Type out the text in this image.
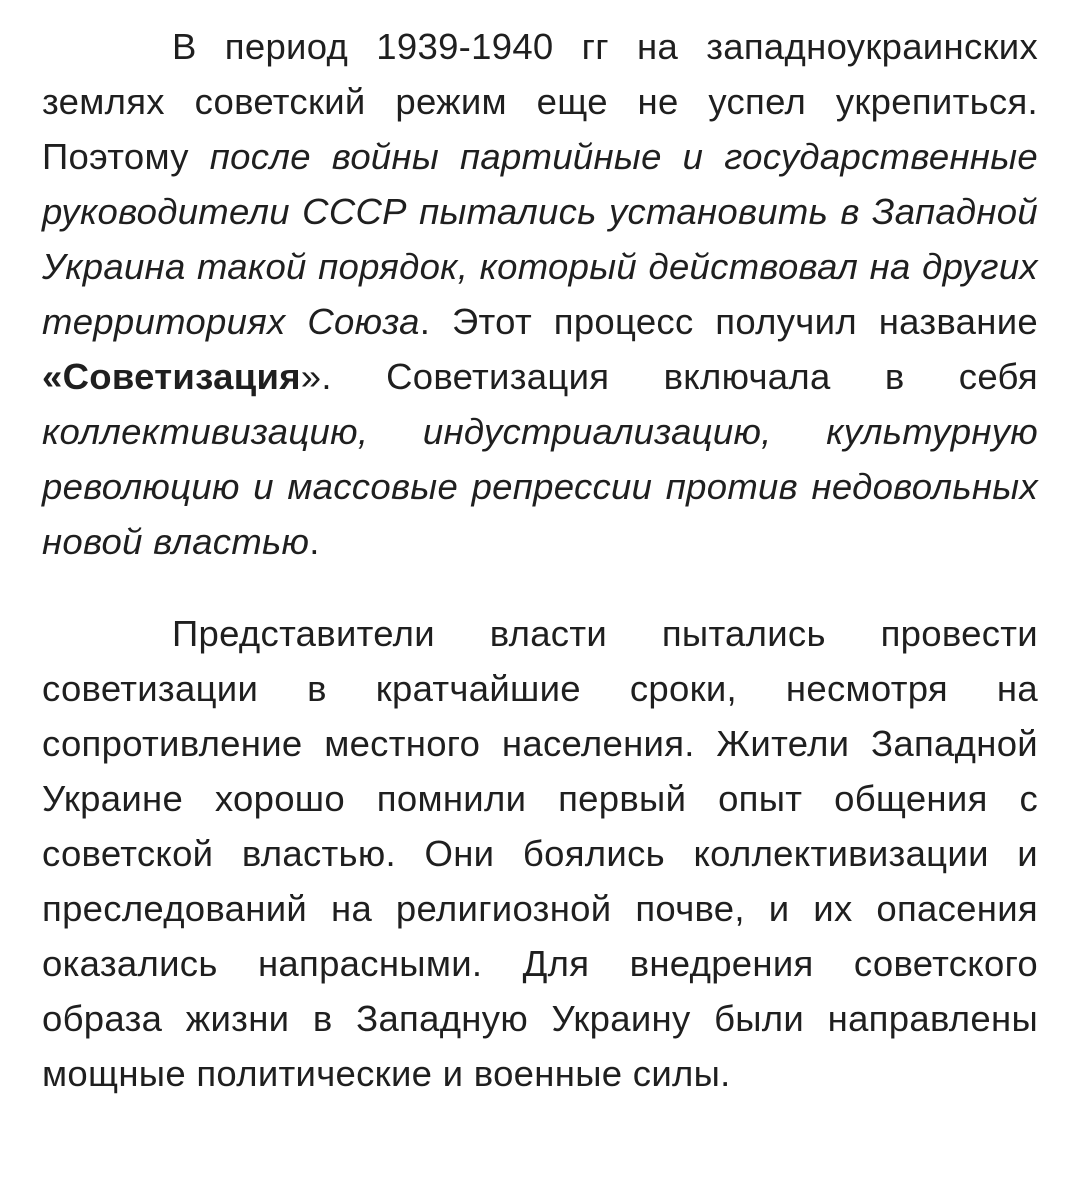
В период 1939-1940 гг на западноукраинских землях советский режим еще не успел укрепиться. Поэтому после войны партийные и государственные руководители СССР пытались установить в Западной Украина такой порядок, который действовал на других территориях Союза. Этот процесс получил название «Советизация». Советизация включала в себя коллективизацию, индустриализацию, культурную революцию и массовые репрессии против недовольных новой властью.

Представители власти пытались провести советизации в кратчайшие сроки, несмотря на сопротивление местного населения. Жители Западной Украине хорошо помнили первый опыт общения с советской властью. Они боялись коллективизации и преследований на религиозной почве, и их опасения оказались напрасными. Для внедрения советского образа жизни в Западную Украину были направлены мощные политические и военные силы.
